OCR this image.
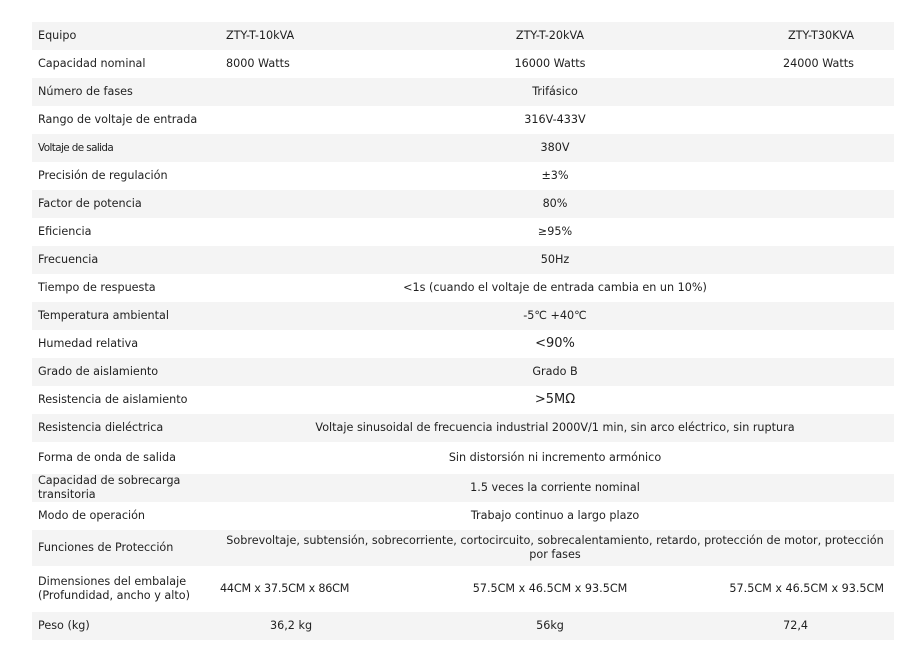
Equipo	ZTY-T-10kVA	ZTY-T-20kVA	ZTY-T30KVA
Capacidad nominal	8000 Watts	16000 Watts	24000 Watts
Número de fases	Trifásico		
Rango de voltaje de entrada	316V-433V		
Voltaje de salida	380V		
Precisión de regulación	±3%		
Factor de potencia	80%		
Eficiencia	≥95%		
Frecuencia	50Hz		
Tiempo de respuesta	<1s (cuando el voltaje de entrada cambia en un 10%)		
Temperatura ambiental	-5℃ +40℃		
Humedad relativa	<90%		
Grado de aislamiento	Grado B		
Resistencia de aislamiento	>5MΩ		
Resistencia dieléctrica	Voltaje sinusoidal de frecuencia industrial 2000V/1 min, sin arco eléctrico, sin ruptura		
Forma de onda de salida	Sin distorsión ni incremento armónico		
Capacidad de sobrecarga transitoria	1.5 veces la corriente nominal		
Modo de operación	Trabajo continuo a largo plazo		
Funciones de Protección	Sobrevoltaje, subtensión, sobrecorriente, cortocircuito, sobrecalentamiento, retardo, protección de motor, protección por fases		

Dimensiones del embalaje
(Profundidad, ancho y alto)	44CM x 37.5CM x 86CM	57.5CM x 46.5CM x 93.5CM	57.5CM x 46.5CM x 93.5CM
Peso (kg)	36,2 kg	56kg	72,4
